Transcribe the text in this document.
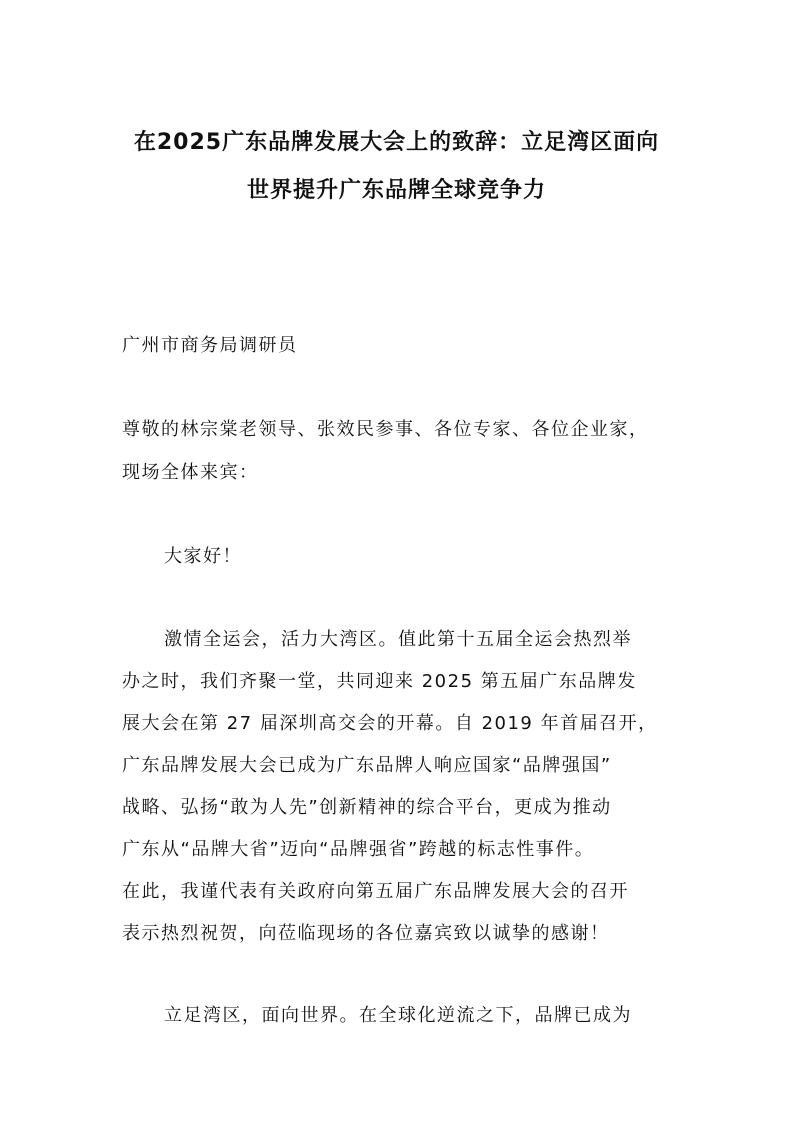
在2025广东品牌发展大会上的致辞：立足湾区面向
世界提升广东品牌全球竞争力
广州市商务局调研员
尊敬的林宗棠老领导、张效民参事、各位专家、各位企业家，
现场全体来宾：
大家好！
激情全运会，活力大湾区。值此第十五届全运会热烈举
办之时，我们齐聚一堂，共同迎来 2025 第五届广东品牌发
展大会在第 27 届深圳高交会的开幕。自 2019 年首届召开，
广东品牌发展大会已成为广东品牌人响应国家“品牌强国”
战略、弘扬“敢为人先”创新精神的综合平台，更成为推动
广东从“品牌大省”迈向“品牌强省”跨越的标志性事件。
在此，我谨代表有关政府向第五届广东品牌发展大会的召开
表示热烈祝贺，向莅临现场的各位嘉宾致以诚挚的感谢！
立足湾区，面向世界。在全球化逆流之下，品牌已成为
